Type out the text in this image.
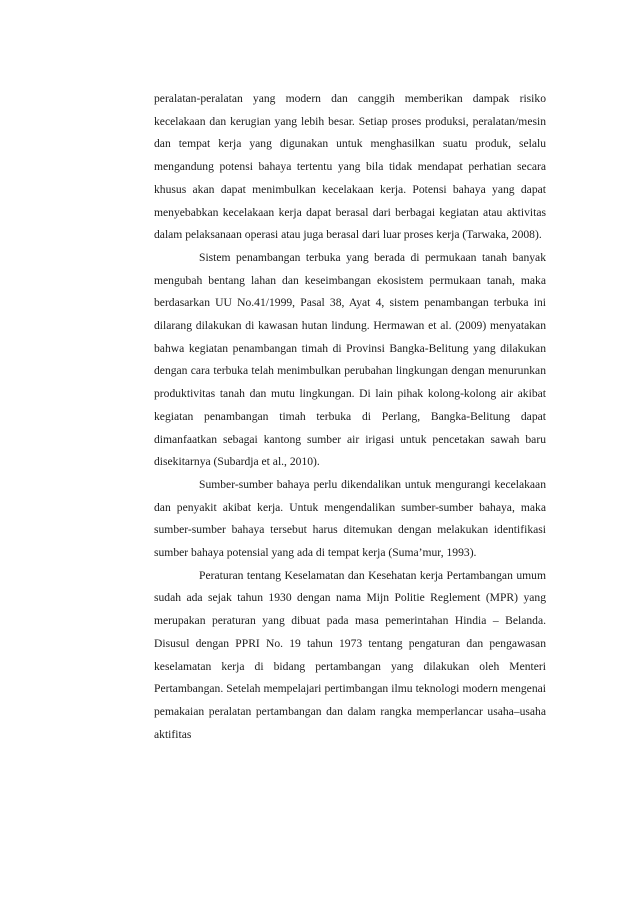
peralatan-peralatan yang modern dan canggih memberikan dampak risiko kecelakaan dan kerugian yang lebih besar. Setiap proses produksi, peralatan/mesin dan tempat kerja yang digunakan untuk menghasilkan suatu produk, selalu mengandung potensi bahaya tertentu yang bila tidak mendapat perhatian secara khusus akan dapat menimbulkan kecelakaan kerja. Potensi bahaya yang dapat menyebabkan kecelakaan kerja dapat berasal dari berbagai kegiatan atau aktivitas dalam pelaksanaan operasi atau juga berasal dari luar proses kerja (Tarwaka, 2008).

Sistem penambangan terbuka yang berada di permukaan tanah banyak mengubah bentang lahan dan keseimbangan ekosistem permukaan tanah, maka berdasarkan UU No.41/1999, Pasal 38, Ayat 4, sistem penambangan terbuka ini dilarang dilakukan di kawasan hutan lindung. Hermawan et al. (2009) menyatakan bahwa kegiatan penambangan timah di Provinsi Bangka-Belitung yang dilakukan dengan cara terbuka telah menimbulkan perubahan lingkungan dengan menurunkan produktivitas tanah dan mutu lingkungan. Di lain pihak kolong-kolong air akibat kegiatan penambangan timah terbuka di Perlang, Bangka-Belitung dapat dimanfaatkan sebagai kantong sumber air irigasi untuk pencetakan sawah baru disekitarnya (Subardja et al., 2010).

Sumber-sumber bahaya perlu dikendalikan untuk mengurangi kecelakaan dan penyakit akibat kerja. Untuk mengendalikan sumber-sumber bahaya, maka sumber-sumber bahaya tersebut harus ditemukan dengan melakukan identifikasi sumber bahaya potensial yang ada di tempat kerja (Suma’mur, 1993).

Peraturan tentang Keselamatan dan Kesehatan kerja Pertambangan umum sudah ada sejak tahun 1930 dengan nama Mijn Politie Reglement (MPR) yang merupakan peraturan yang dibuat pada masa pemerintahan Hindia – Belanda. Disusul dengan PPRI No. 19 tahun 1973 tentang pengaturan dan pengawasan keselamatan kerja di bidang pertambangan yang dilakukan oleh Menteri Pertambangan. Setelah mempelajari pertimbangan ilmu teknologi modern mengenai pemakaian peralatan pertambangan dan dalam rangka memperlancar usaha–usaha aktifitas
